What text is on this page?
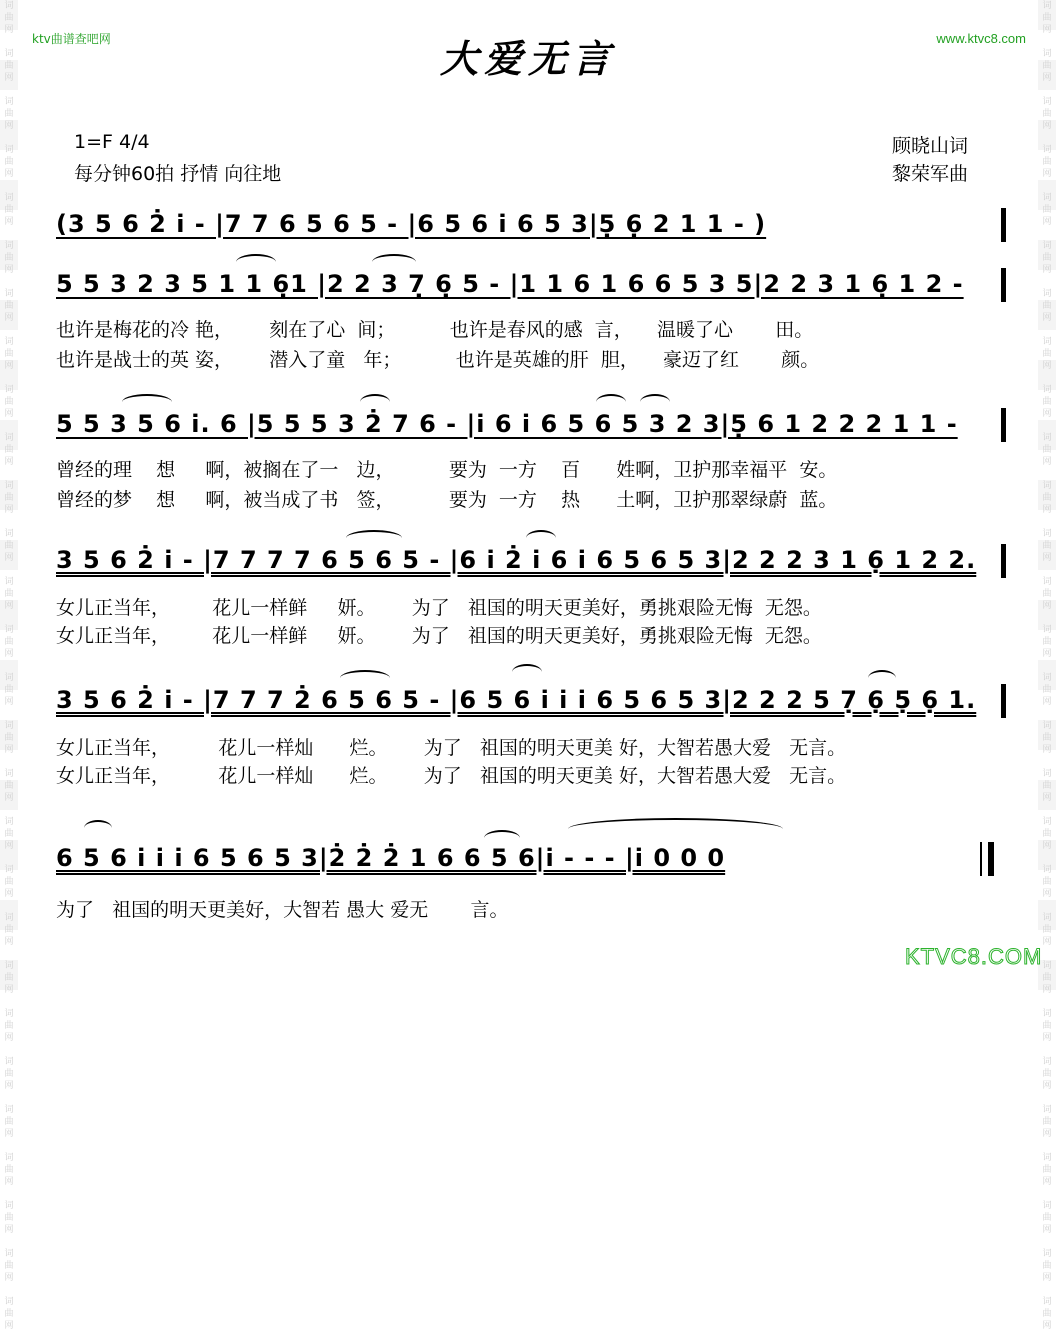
词
曲
网

词
曲
网

词
曲
网

词
曲
网

词
曲
网

词
曲
网

词
曲
网

词
曲
网

词
曲
网

词
曲
网

词
曲
网

词
曲
网

词
曲
网

词
曲
网

词
曲
网

词
曲
网

词
曲
网

词
曲
网

词
曲
网

词
曲
网

词
曲
网

词
曲
网

词
曲
网

词
曲
网

词
曲
网

词
曲
网

词
曲
网

词
曲
网

词
曲
网

词
曲
网

词
曲
网

词
曲
网

词
曲
网

词
曲
网

词
曲
网

词
曲
网

词
曲
网

词
曲
网

词
曲
网

词
曲
网

词
曲
网

词
曲
网

词
曲
网

词
曲
网

词
曲
网

词
曲
网

词
曲
网

词
曲
网

词
曲
网

词
曲
网

词
曲
网

词
曲
网

词
曲
网

词
曲
网

词
曲
网

词
曲
网

ktv曲谱查吧网	www.ktvc8.com
大爱无言
1=F 4/4
每分钟60拍 抒情 向往地
顾晓山词
黎荣军曲
(3 5 6 2̇ i̇ - |7 7 6 5 6 5 - |6 5 6 i̇ 6 5 3|5̣ 6̣ 2 1 1 - )
5 5 3 2 3 5 1 1 6̣1 |2 2 3 7̣ 6̣ 5 - |1 1 6 1 6 6 5 3 5|2 2 3 1 6̣ 1 2 -
也许是梅花的冷 艳，      刻在了心  间；         也许是春风的感  言，    温暖了心       田。
也许是战士的英 姿，      潜入了童   年；         也许是英雄的肝  胆，    豪迈了红       颜。
5 5 3 5 6 i̇. 6 |5 5 5 3 2̇ 7 6 - |i̇ 6 i̇ 6 5 6 5 3 2 3|5̣ 6 1 2 2 2 1 1 -
曾经的理    想     啊，被搁在了一   边，         要为  一方    百      姓啊，卫护那幸福平  安。
曾经的梦    想     啊，被当成了书   签，         要为  一方    热      土啊，卫护那翠绿蔚  蓝。
3 5 6 2̇ i̇ - |7 7 7 7 6 5 6 5 - |6 i̇ 2̇ i̇ 6 i̇ 6 5 6 5 3|2 2 2 3 1 6̣ 1 2 2.
女儿正当年，       花儿一样鲜     妍。      为了   祖国的明天更美好，勇挑艰险无悔  无怨。
女儿正当年，       花儿一样鲜     妍。      为了   祖国的明天更美好，勇挑艰险无悔  无怨。
3 5 6 2̇ i̇ - |7 7 7 2̇ 6 5 6 5 - |6 5 6 i̇ i̇ i̇ 6 5 6 5 3|2 2 2 5 7̣ 6̣ 5̣ 6̣ 1.
女儿正当年，        花儿一样灿      烂。      为了   祖国的明天更美 好，大智若愚大爱   无言。
女儿正当年，        花儿一样灿      烂。      为了   祖国的明天更美 好，大智若愚大爱   无言。
6 5 6 i̇ i̇ i̇ 6 5 6 5 3|2̇ 2̇ 2̇ 1 6 6 5 6|i̇ - - - |i̇ 0 0 0
为了   祖国的明天更美好，大智若 愚大 爱无       言。
KTVC8.COM
